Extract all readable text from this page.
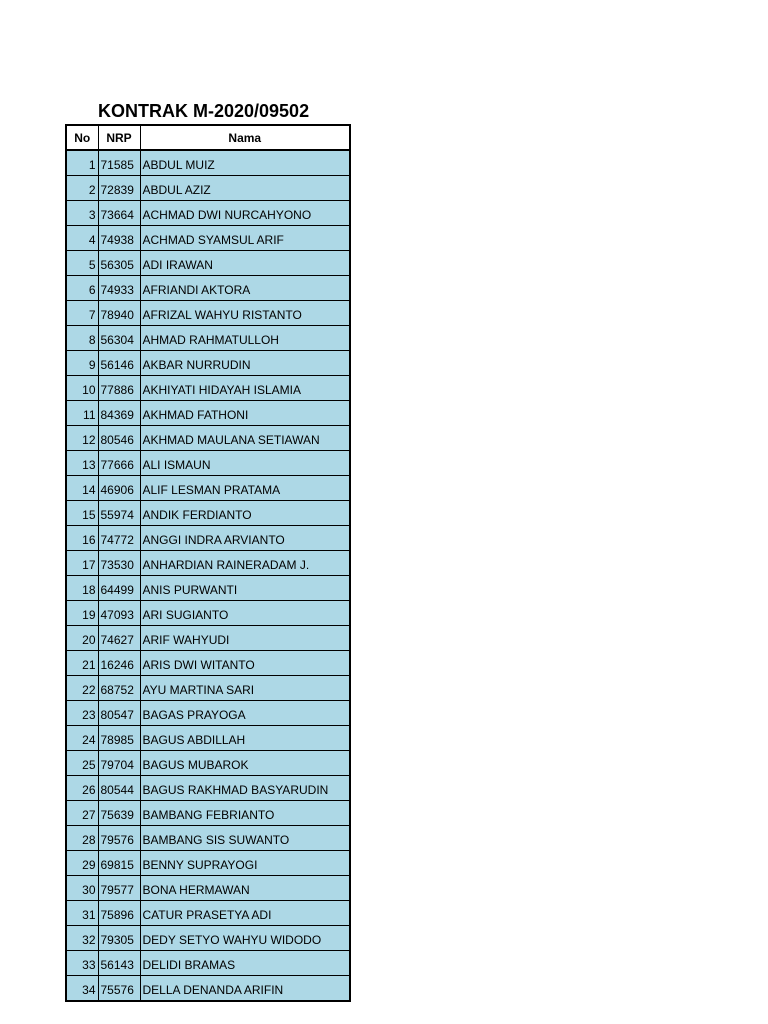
KONTRAK M-2020/09502
No	NRP	Nama
1	71585	ABDUL MUIZ
2	72839	ABDUL AZIZ
3	73664	ACHMAD DWI NURCAHYONO
4	74938	ACHMAD SYAMSUL ARIF
5	56305	ADI IRAWAN
6	74933	AFRIANDI AKTORA
7	78940	AFRIZAL WAHYU RISTANTO
8	56304	AHMAD RAHMATULLOH
9	56146	AKBAR NURRUDIN
10	77886	AKHIYATI HIDAYAH ISLAMIA
11	84369	AKHMAD FATHONI
12	80546	AKHMAD MAULANA SETIAWAN
13	77666	ALI ISMAUN
14	46906	ALIF LESMAN PRATAMA
15	55974	ANDIK FERDIANTO
16	74772	ANGGI INDRA ARVIANTO
17	73530	ANHARDIAN RAINERADAM J.
18	64499	ANIS PURWANTI
19	47093	ARI SUGIANTO
20	74627	ARIF WAHYUDI
21	16246	ARIS DWI WITANTO
22	68752	AYU MARTINA SARI
23	80547	BAGAS PRAYOGA
24	78985	BAGUS ABDILLAH
25	79704	BAGUS MUBAROK
26	80544	BAGUS RAKHMAD BASYARUDIN
27	75639	BAMBANG FEBRIANTO
28	79576	BAMBANG SIS SUWANTO
29	69815	BENNY SUPRAYOGI
30	79577	BONA HERMAWAN
31	75896	CATUR PRASETYA ADI
32	79305	DEDY SETYO WAHYU WIDODO
33	56143	DELIDI BRAMAS
34	75576	DELLA DENANDA ARIFIN
